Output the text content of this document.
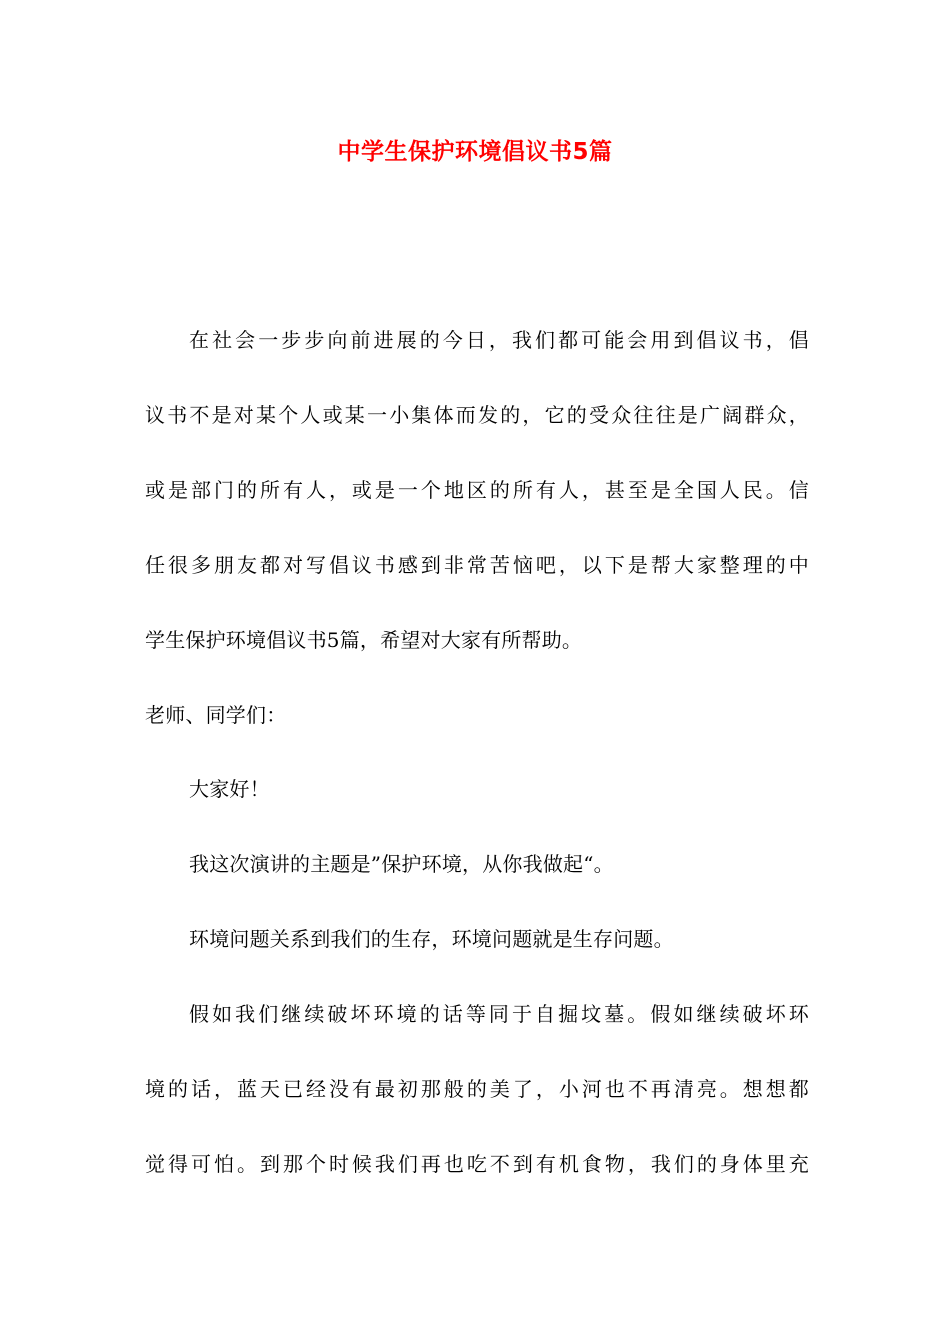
中学生保护环境倡议书5篇
在社会一步步向前进展的今日，我们都可能会用到倡议书，倡
议书不是对某个人或某一小集体而发的，它的受众往往是广阔群众，
或是部门的所有人，或是一个地区的所有人，甚至是全国人民。信
任很多朋友都对写倡议书感到非常苦恼吧，以下是帮大家整理的中
学生保护环境倡议书5篇，希望对大家有所帮助。
老师、同学们：
大家好！
我这次演讲的主题是”保护环境，从你我做起“。
环境问题关系到我们的生存，环境问题就是生存问题。
假如我们继续破坏环境的话等同于自掘坟墓。假如继续破坏环
境的话，蓝天已经没有最初那般的美了，小河也不再清亮。想想都
觉得可怕。到那个时候我们再也吃不到有机食物，我们的身体里充
